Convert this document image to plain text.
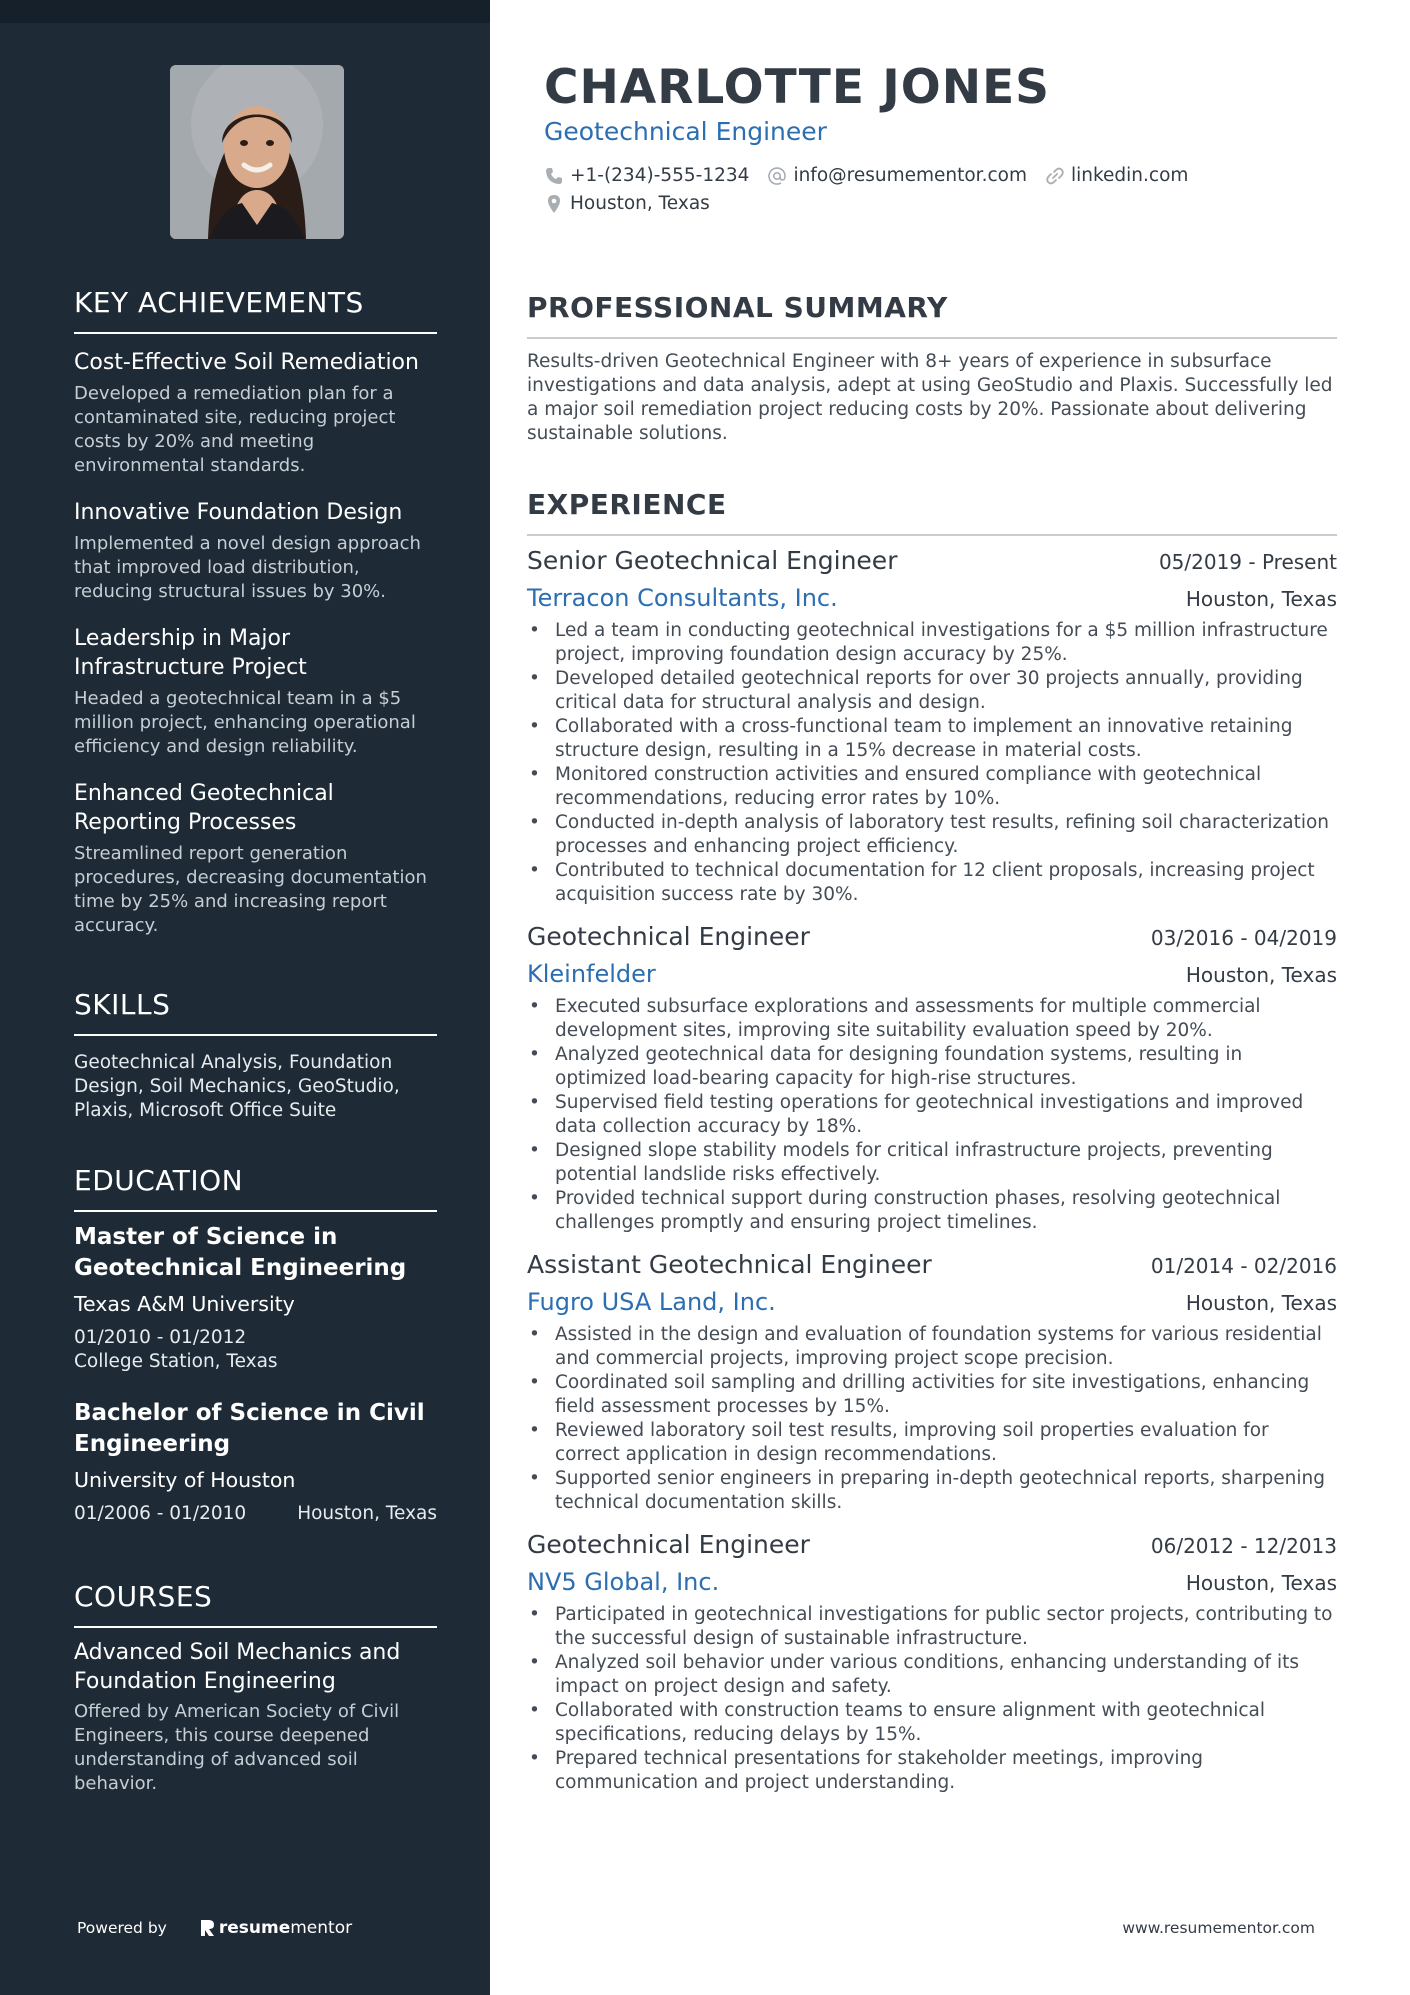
KEY ACHIEVEMENTS
Cost-Effective Soil Remediation
Developed a remediation plan for a contaminated site, reducing project costs by 20% and meeting environmental standards.
Innovative Foundation Design
Implemented a novel design approach that improved load distribution, reducing structural issues by 30%.
Leadership in Major Infrastructure Project
Headed a geotechnical team in a $5 million project, enhancing operational efficiency and design reliability.
Enhanced Geotechnical Reporting Processes
Streamlined report generation procedures, decreasing documentation time by 25% and increasing report accuracy.
SKILLS
Geotechnical Analysis, Foundation Design, Soil Mechanics, GeoStudio, Plaxis, Microsoft Office Suite
EDUCATION
Master of Science in Geotechnical Engineering
Texas A&M University
01/2010 - 01/2012
College Station, Texas
Bachelor of Science in Civil Engineering
University of Houston
01/2006 - 01/2010	Houston, Texas
COURSES
Advanced Soil Mechanics and Foundation Engineering
Offered by American Society of Civil Engineers, this course deepened understanding of advanced soil behavior.
Powered by	resume mentor
CHARLOTTE JONES
Geotechnical Engineer
+1-(234)-555-1234 info@resumementor.com linkedin.com
Houston, Texas
PROFESSIONAL SUMMARY

Results-driven Geotechnical Engineer with 8+ years of experience in subsurface investigations and data analysis, adept at using GeoStudio and Plaxis. Successfully led a major soil remediation project reducing costs by 20%. Passionate about delivering sustainable solutions.

EXPERIENCE
Senior Geotechnical Engineer	05/2019 - Present
Terracon Consultants, Inc.	Houston, Texas
• Led a team in conducting geotechnical investigations for a $5 million infrastructure project, improving foundation design accuracy by 25%.
• Developed detailed geotechnical reports for over 30 projects annually, providing critical data for structural analysis and design.
• Collaborated with a cross-functional team to implement an innovative retaining structure design, resulting in a 15% decrease in material costs.
• Monitored construction activities and ensured compliance with geotechnical recommendations, reducing error rates by 10%.
• Conducted in-depth analysis of laboratory test results, refining soil characterization processes and enhancing project efficiency.
• Contributed to technical documentation for 12 client proposals, increasing project acquisition success rate by 30%.
Geotechnical Engineer	03/2016 - 04/2019
Kleinfelder	Houston, Texas
• Executed subsurface explorations and assessments for multiple commercial development sites, improving site suitability evaluation speed by 20%.
• Analyzed geotechnical data for designing foundation systems, resulting in optimized load-bearing capacity for high-rise structures.
• Supervised field testing operations for geotechnical investigations and improved data collection accuracy by 18%.
• Designed slope stability models for critical infrastructure projects, preventing potential landslide risks effectively.
• Provided technical support during construction phases, resolving geotechnical challenges promptly and ensuring project timelines.
Assistant Geotechnical Engineer	01/2014 - 02/2016
Fugro USA Land, Inc.	Houston, Texas
• Assisted in the design and evaluation of foundation systems for various residential and commercial projects, improving project scope precision.
• Coordinated soil sampling and drilling activities for site investigations, enhancing field assessment processes by 15%.
• Reviewed laboratory soil test results, improving soil properties evaluation for correct application in design recommendations.
• Supported senior engineers in preparing in-depth geotechnical reports, sharpening technical documentation skills.
Geotechnical Engineer	06/2012 - 12/2013
NV5 Global, Inc.	Houston, Texas
• Participated in geotechnical investigations for public sector projects, contributing to the successful design of sustainable infrastructure.
• Analyzed soil behavior under various conditions, enhancing understanding of its impact on project design and safety.
• Collaborated with construction teams to ensure alignment with geotechnical specifications, reducing delays by 15%.
• Prepared technical presentations for stakeholder meetings, improving communication and project understanding.
www.resumementor.com
